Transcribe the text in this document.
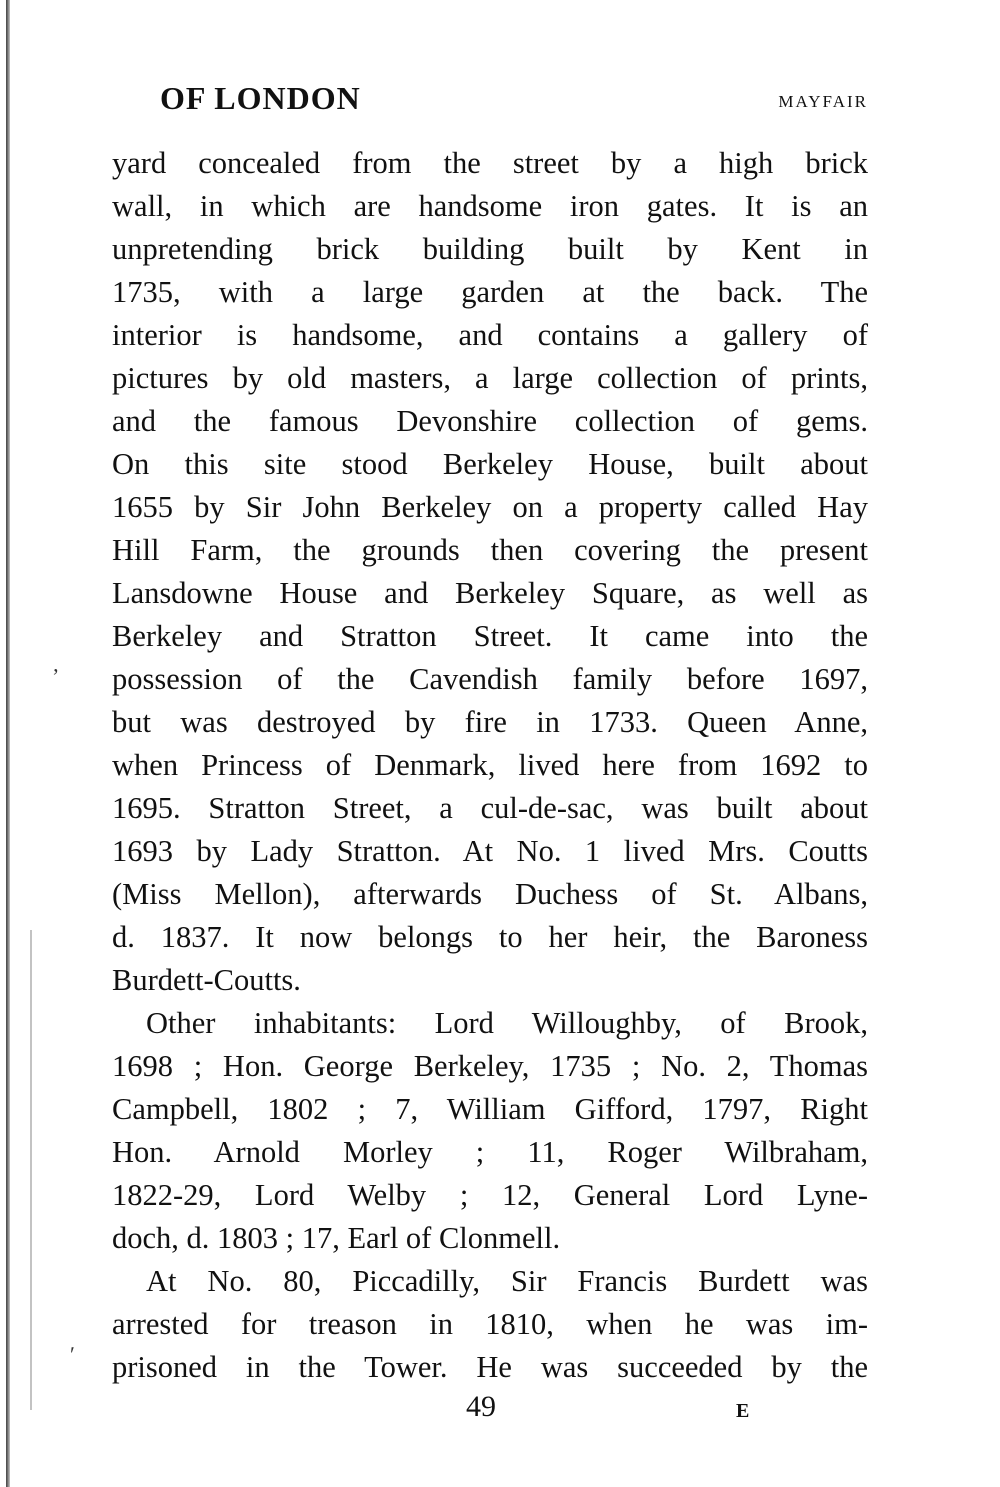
ʼ
ʹ
OF LONDON	MAYFAIR
yard concealed from the street by a high brick
wall, in which are handsome iron gates. It is an
unpretending brick building built by Kent in
1735, with a large garden at the back. The
interior is handsome, and contains a gallery of
pictures by old masters, a large collection of prints,
and the famous Devonshire collection of gems.
On this site stood Berkeley House, built about
1655 by Sir John Berkeley on a property called Hay
Hill Farm, the grounds then covering the present
Lansdowne House and Berkeley Square, as well as
Berkeley and Stratton Street. It came into the
possession of the Cavendish family before 1697,
but was destroyed by fire in 1733. Queen Anne,
when Princess of Denmark, lived here from 1692 to
1695. Stratton Street, a cul-de-sac, was built about
1693 by Lady Stratton. At No. 1 lived Mrs. Coutts
(Miss Mellon), afterwards Duchess of St. Albans,
d. 1837. It now belongs to her heir, the Baroness
Burdett-Coutts.
Other inhabitants: Lord Willoughby, of Brook,
1698 ; Hon. George Berkeley, 1735 ; No. 2, Thomas
Campbell, 1802 ; 7, William Gifford, 1797, Right
Hon. Arnold Morley ; 11, Roger Wilbraham,
1822-29, Lord Welby ; 12, General Lord Lyne-
doch, d. 1803 ; 17, Earl of Clonmell.
At No. 80, Piccadilly, Sir Francis Burdett was
arrested for treason in 1810, when he was im-
prisoned in the Tower. He was succeeded by the
49	E
